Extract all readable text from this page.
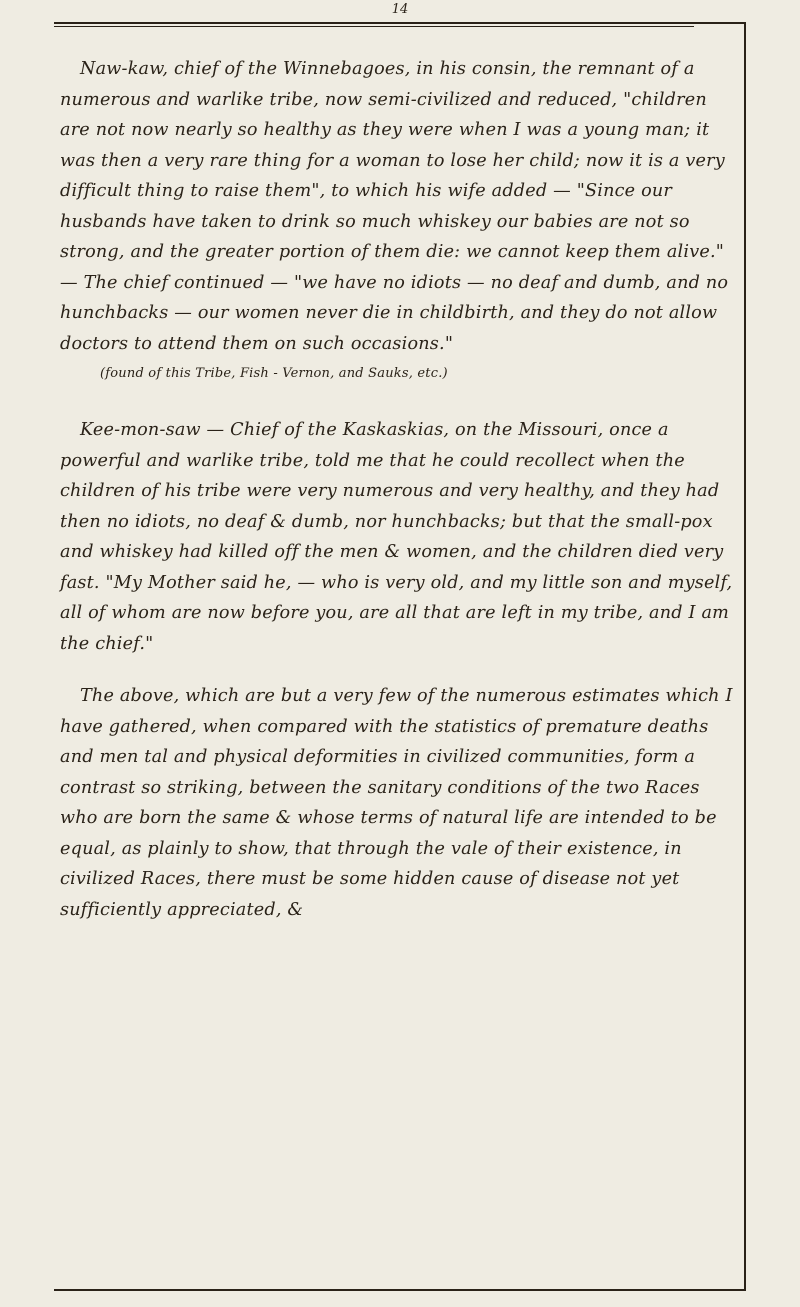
14

Naw-kaw, chief of the Winnebagoes, in his consin, the remnant of a numerous and warlike tribe, now semi-civilized and reduced, "children are not now nearly so healthy as they were when I was a young man; it was then a very rare thing for a woman to lose her child; now it is a very difficult thing to raise them", to which his wife added — "Since our husbands have taken to drink so much whiskey our babies are not so strong, and the greater portion of them die: we cannot keep them alive." — The chief continued — "we have no idiots — no deaf and dumb, and no hunchbacks — our women never die in childbirth, and they do not allow doctors to attend them on such occasions."

(found of this Tribe, Fish - Vernon, and Sauks, etc.)

Kee-mon-saw — Chief of the Kaskaskias, on the Missouri, once a powerful and warlike tribe, told me that he could recollect when the children of his tribe were very numerous and very healthy, and they had then no idiots, no deaf & dumb, nor hunchbacks; but that the small-pox and whiskey had killed off the men & women, and the children died very fast. "My Mother said he, — who is very old, and my little son and myself, all of whom are now before you, are all that are left in my tribe, and I am the chief."

The above, which are but a very few of the numerous estimates which I have gathered, when compared with the statistics of premature deaths and men tal and physical deformities in civilized communities, form a contrast so striking, between the sanitary conditions of the two Races who are born the same & whose terms of natural life are intended to be equal, as plainly to show, that through the vale of their existence, in civilized Races, there must be some hidden cause of disease not yet sufficiently appreciated, &
